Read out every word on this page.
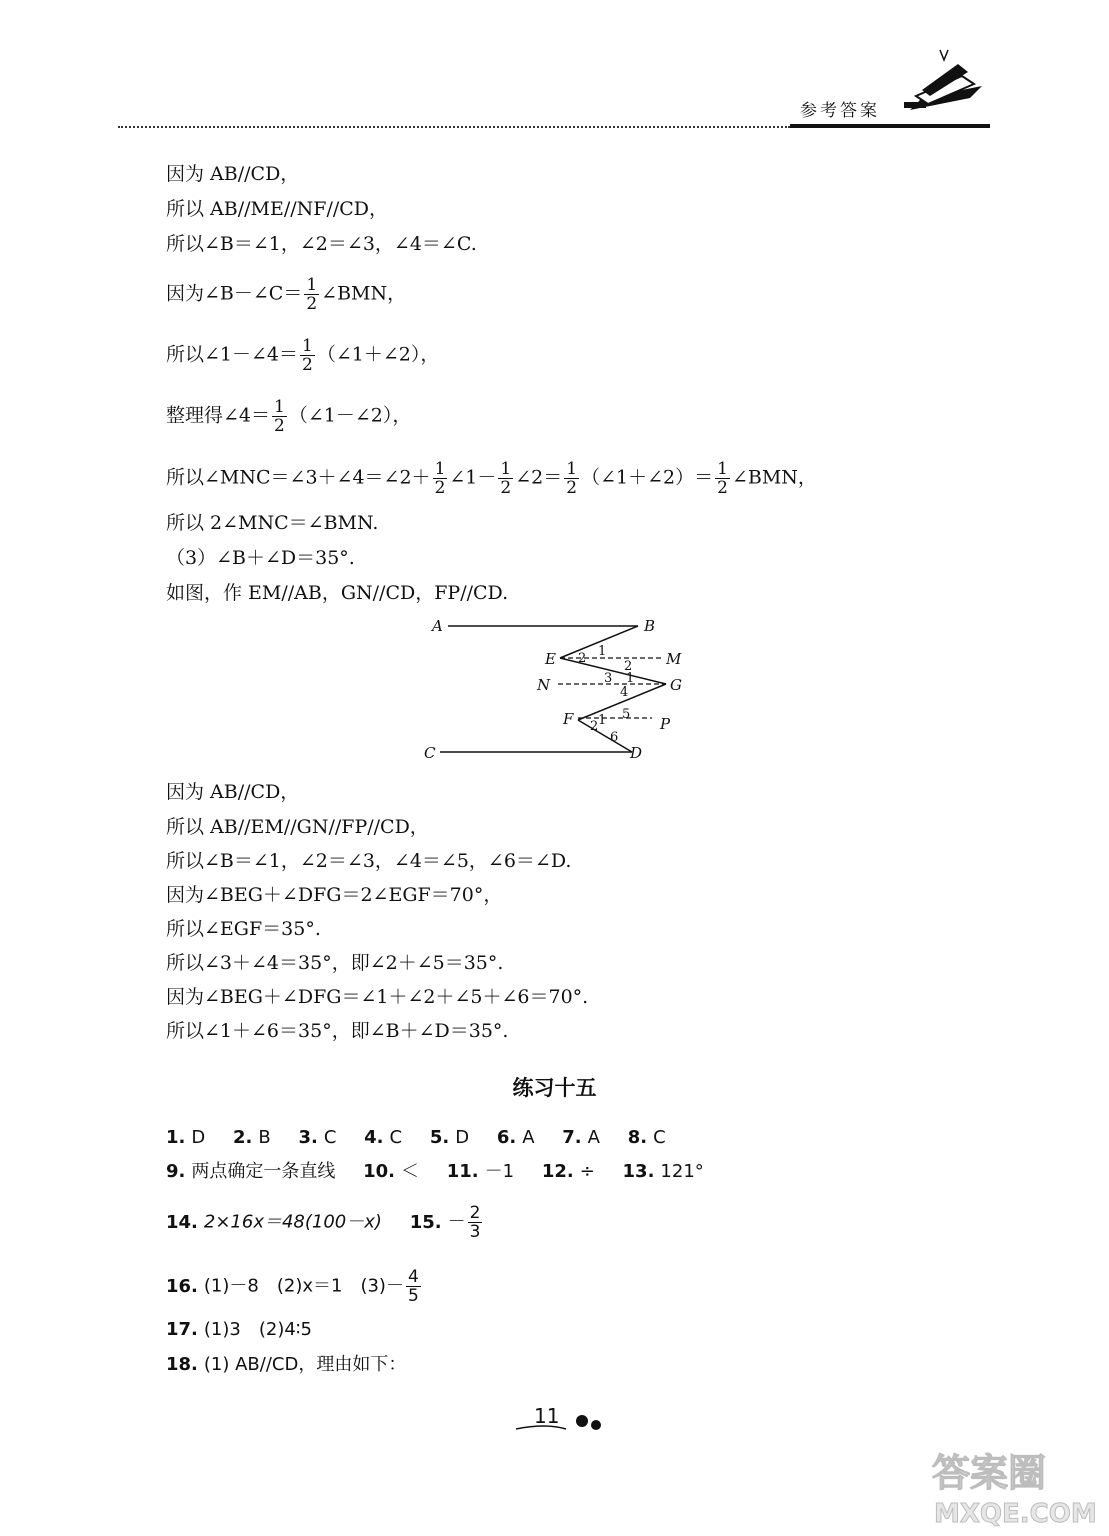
参考答案
因为 AB//CD，
所以 AB//ME//NF//CD，
所以∠B＝∠1，∠2＝∠3，∠4＝∠C.
因为∠B－∠C＝ $\frac{1}{2}$ ∠BMN，
所以∠1－∠4＝ $\frac{1}{2}$ （∠1＋∠2），
整理得∠4＝ $\frac{1}{2}$ （∠1－∠2），
所以∠MNC＝∠3＋∠4＝∠2＋ $\frac{1}{2}$ ∠1－ $\frac{1}{2}$ ∠2＝ $\frac{1}{2}$ （∠1＋∠2）＝ $\frac{1}{2}$ ∠BMN，
所以 2∠MNC＝∠BMN.
（3）∠B＋∠D＝35°.
如图，作 EM//AB，GN//CD，FP//CD.
A	B
E	M
N	G
F	P
C	D
1
2
2
3
4
1
5
6
1
2
因为 AB//CD，
所以 AB//EM//GN//FP//CD，
所以∠B＝∠1，∠2＝∠3，∠4＝∠5，∠6＝∠D.
因为∠BEG＋∠DFG＝2∠EGF＝70°，
所以∠EGF＝35°.
所以∠3＋∠4＝35°，即∠2＋∠5＝35°.
因为∠BEG＋∠DFG＝∠1＋∠2＋∠5＋∠6＝70°.
所以∠1＋∠6＝35°，即∠B＋∠D＝35°.
练习十五
1. D 2. B 3. C 4. C 5. D 6. A 7. A 8. C
9. 两点确定一条直线 10. ＜ 11. －1 12. ÷ 13. 121°
14. 2×16x＝48(100－x) 15. － $\frac{2}{3}$
16. (1)－8　(2)x＝1　$(3)- \frac{4}{5}$
17. (1)3　(2)4∶5
18. (1) AB//CD，理由如下：
11
答案圈
MXQE.COM
